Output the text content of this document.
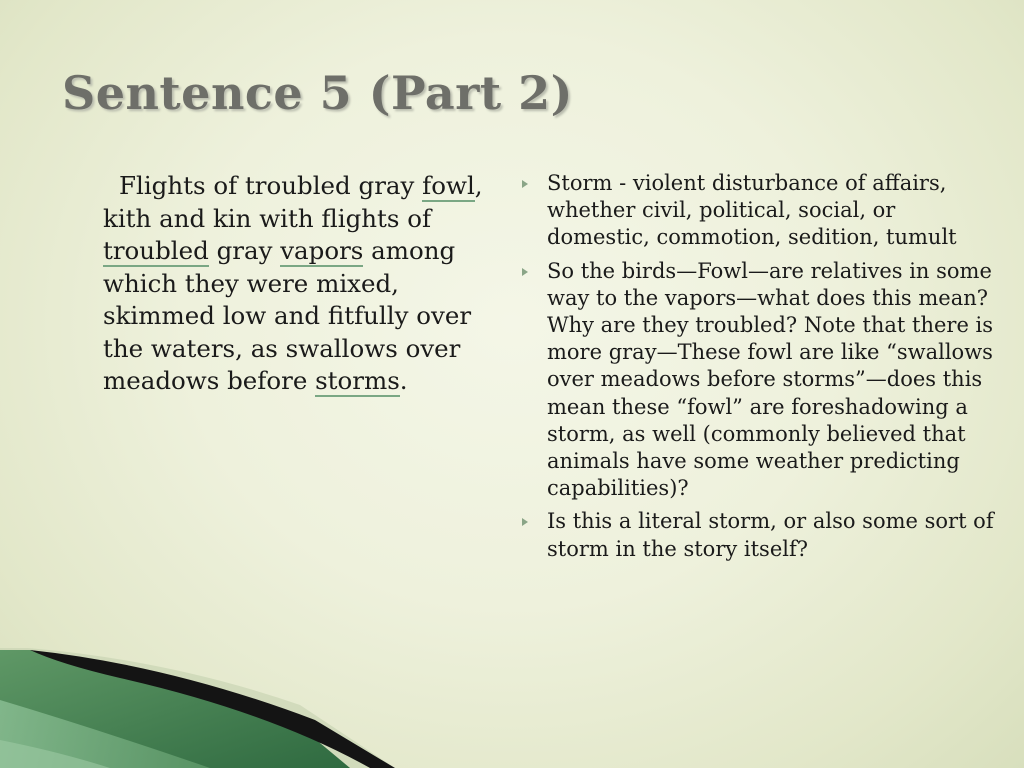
Sentence 5 (Part 2)
Flights of troubled gray fowl, kith and kin with flights of troubled gray vapors among which they were mixed, skimmed low and fitfully over the waters, as swallows over meadows before storms.
Storm - violent disturbance of affairs, whether civil, political, social, or domestic, commotion, sedition, tumult
So the birds—Fowl—are relatives in some way to the vapors—what does this mean? Why are they troubled? Note that there is more gray—These fowl are like “swallows over meadows before storms”—does this mean these “fowl” are foreshadowing a storm, as well (commonly believed that animals have some weather predicting capabilities)?
Is this a literal storm, or also some sort of storm in the story itself?
